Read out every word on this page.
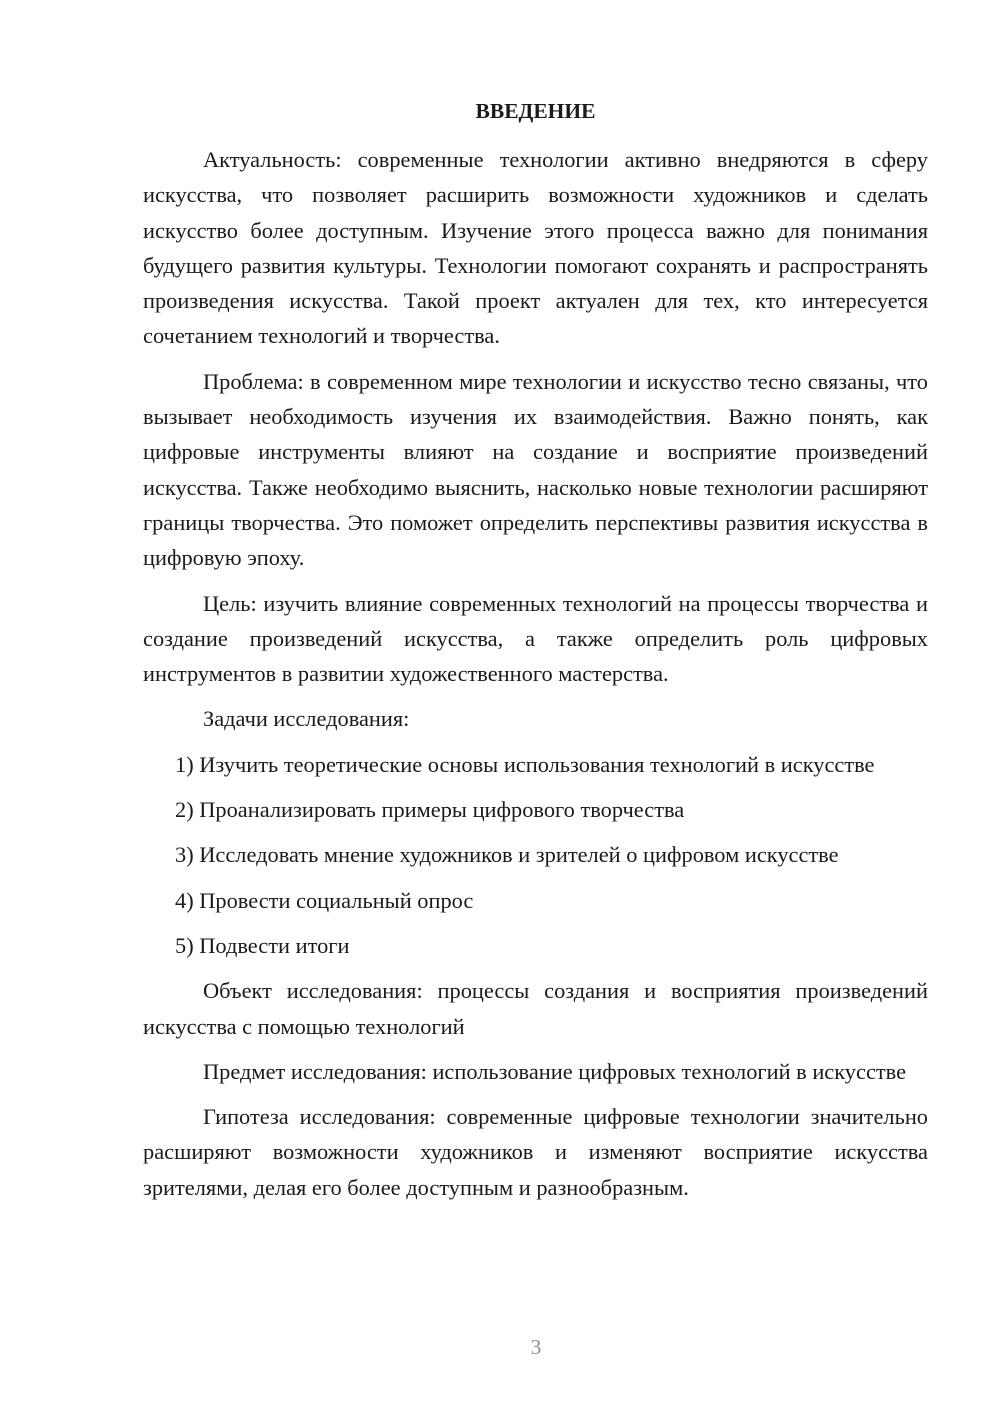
ВВЕДЕНИЕ

Актуальность: современные технологии активно внедряются в сферу искусства, что позволяет расширить возможности художников и сделать искусство более доступным. Изучение этого процесса важно для понимания будущего развития культуры. Технологии помогают сохранять и распространять произведения искусства. Такой проект актуален для тех, кто интересуется сочетанием технологий и творчества.

Проблема: в современном мире технологии и искусство тесно связаны, что вызывает необходимость изучения их взаимодействия. Важно понять, как цифровые инструменты влияют на создание и восприятие произведений искусства. Также необходимо выяснить, насколько новые технологии расширяют границы творчества. Это поможет определить перспективы развития искусства в цифровую эпоху.

Цель: изучить влияние современных технологий на процессы творчества и создание произведений искусства, а также определить роль цифровых инструментов в развитии художественного мастерства.

Задачи исследования:

1) Изучить теоретические основы использования технологий в искусстве

2) Проанализировать примеры цифрового творчества

3) Исследовать мнение художников и зрителей о цифровом искусстве

4) Провести социальный опрос

5) Подвести итоги

Объект исследования: процессы создания и восприятия произведений искусства с помощью технологий

Предмет исследования: использование цифровых технологий в искусстве

Гипотеза исследования: современные цифровые технологии значительно расширяют возможности художников и изменяют восприятие искусства зрителями, делая его более доступным и разнообразным.

3
